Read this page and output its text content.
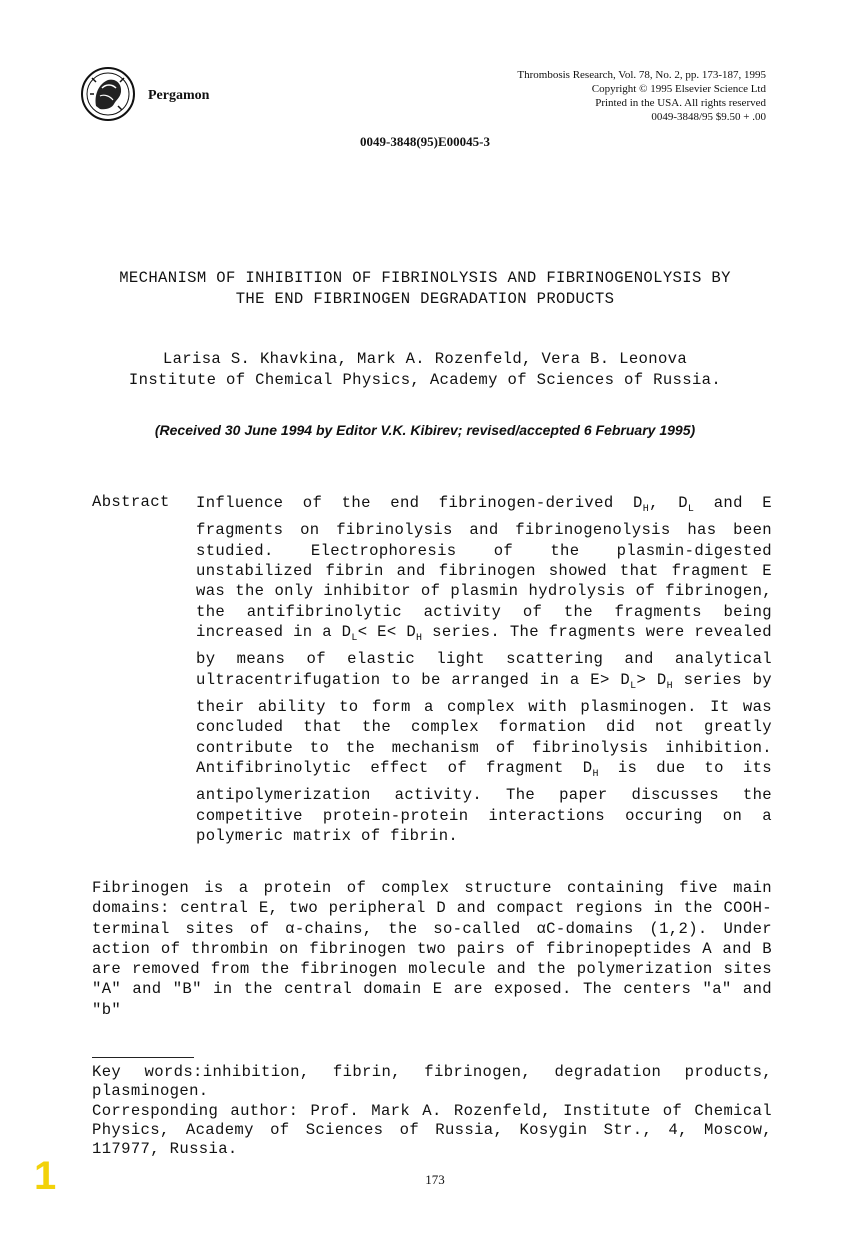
Pergamon
Thrombosis Research, Vol. 78, No. 2, pp. 173-187, 1995
Copyright © 1995 Elsevier Science Ltd
Printed in the USA. All rights reserved
0049-3848/95 $9.50 + .00
0049-3848(95)E00045-3
MECHANISM OF INHIBITION OF FIBRINOLYSIS AND FIBRINOGENOLYSIS BY
THE END FIBRINOGEN DEGRADATION PRODUCTS
Larisa S. Khavkina, Mark A. Rozenfeld, Vera B. Leonova
Institute of Chemical Physics, Academy of Sciences of Russia.
(Received 30 June 1994 by Editor V.K. Kibirev; revised/accepted 6 February 1995)
Abstract Influence of the end fibrinogen-derived $D_H$, $D_L$ and E fragments on fibrinolysis and fibrinogenolysis has been studied. Electrophoresis of the plasmin-digested unstabilized fibrin and fibrinogen showed that fragment E was the only inhibitor of plasmin hydrolysis of fibrinogen, the antifibrinolytic activity of the fragments being increased in a $D_L< E< D_H$ series. The fragments were revealed by means of elastic light scattering and analytical ultracentrifugation to be arranged in a $E> D_L> D_H$ series by their ability to form a complex with plasminogen. It was concluded that the complex formation did not greatly contribute to the mechanism of fibrinolysis inhibition. Antifibrinolytic effect of fragment $D_H$ is due to its antipolymerization activity. The paper discusses the competitive protein-protein interactions occuring on a polymeric matrix of fibrin.
Fibrinogen is a protein of complex structure containing five main domains: central E, two peripheral D and compact regions in the COOH-terminal sites of α-chains, the so-called αC-domains (1,2). Under action of thrombin on fibrinogen two pairs of fibrinopeptides A and B are removed from the fibrinogen molecule and the polymerization sites "A" and "B" in the central domain E are exposed. The centers "a" and "b"
Key words:inhibition, fibrin, fibrinogen, degradation products, plasminogen.
Corresponding author: Prof. Mark A. Rozenfeld, Institute of Chemical Physics, Academy of Sciences of Russia, Kosygin Str., 4, Moscow, 117977, Russia.
173
1
